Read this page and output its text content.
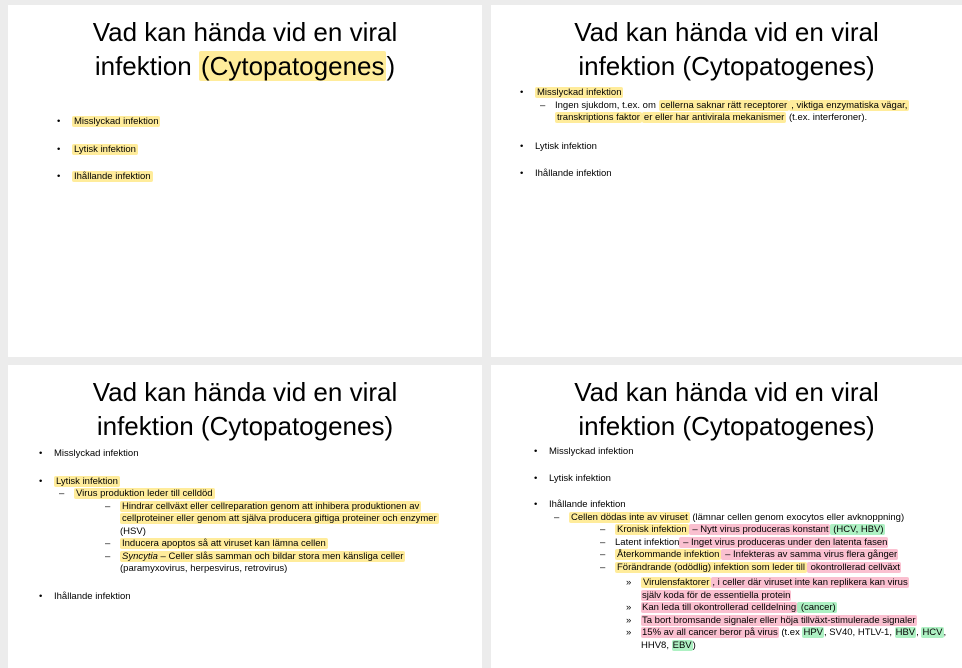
Vad kan hända vid en viral
infektion (Cytopatogenes)
• Misslyckad infektion
• Lytisk infektion
• Ihållande infektion
Vad kan hända vid en viral
infektion (Cytopatogenes)
• Misslyckad infektion
– Ingen sjukdom, t.ex. om cellerna saknar rätt receptorer , viktiga enzymatiska vägar,
transkriptions faktor er eller har antivirala mekanismer (t.ex. interferoner).
• Lytisk infektion
• Ihållande infektion
Vad kan hända vid en viral
infektion (Cytopatogenes)
• Misslyckad infektion
• Lytisk infektion
– Virus produktion leder till celldöd
– Hindrar cellväxt eller cellreparation genom att inhibera produktionen av
cellproteiner eller genom att själva producera giftiga proteiner och enzymer
(HSV)
– Inducera apoptos så att viruset kan lämna cellen
– Syncytia – Celler slås samman och bildar stora men känsliga celler
(paramyxovirus, herpesvirus, retrovirus)
• Ihållande infektion
Vad kan hända vid en viral
infektion (Cytopatogenes)
• Misslyckad infektion
• Lytisk infektion
• Ihållande infektion
– Cellen dödas inte av viruset (lämnar cellen genom exocytos eller avknoppning)
– Kronisk infektion – Nytt virus produceras konstant (HCV, HBV)
– Latent infektion – Inget virus produceras under den latenta fasen
– Återkommande infektion – Infekteras av samma virus flera gånger
– Förändrande (odödlig) infektion som leder till okontrollerad cellväxt
» Virulensfaktorer , i celler där viruset inte kan replikera kan virus
själv koda för de essentiella protein
» Kan leda till okontrollerad celldelning (cancer)
» Ta bort bromsande signaler eller höja tillväxt-stimulerade signaler
» 15% av all cancer beror på virus (t.ex HPV, SV40, HTLV-1, HBV, HCV,
HHV8, EBV)
